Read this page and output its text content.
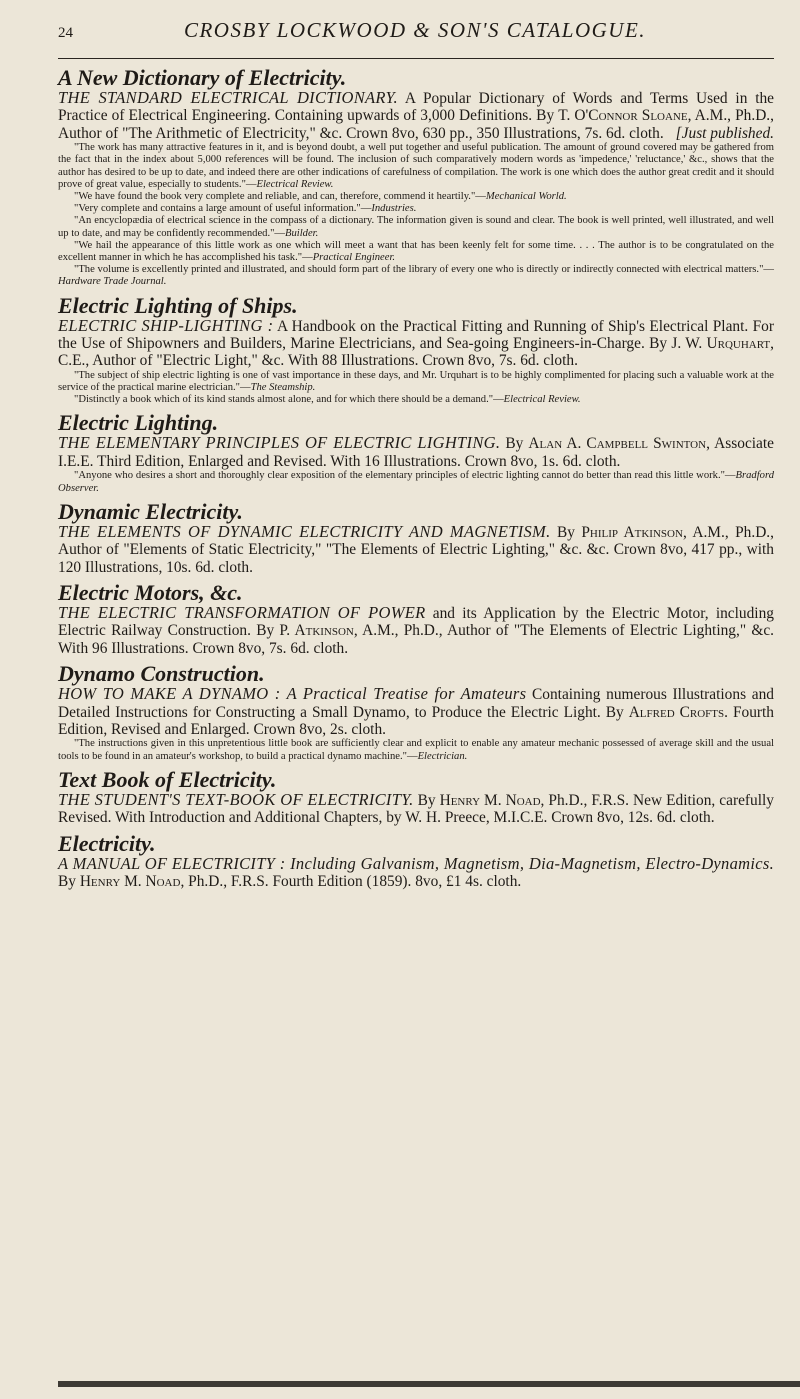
24	CROSBY LOCKWOOD & SON'S CATALOGUE.
A New Dictionary of Electricity.
THE STANDARD ELECTRICAL DICTIONARY. A Popular Dictionary of Words and Terms Used in the Practice of Electrical Engineering. Containing upwards of 3,000 Definitions. By T. O'Connor Sloane, A.M., Ph.D., Author of "The Arithmetic of Electricity," &c. Crown 8vo, 630 pp., 350 Illustrations, 7s. 6d. cloth. [Just published.
"The work has many attractive features in it, and is beyond doubt, a well put together and useful publication. The amount of ground covered may be gathered from the fact that in the index about 5,000 references will be found. The inclusion of such comparatively modern words as 'impedence,' 'reluctance,' &c., shows that the author has desired to be up to date, and indeed there are other indications of carefulness of compilation. The work is one which does the author great credit and it should prove of great value, especially to students."—Electrical Review.
"We have found the book very complete and reliable, and can, therefore, commend it heartily."—Mechanical World.
"Very complete and contains a large amount of useful information."—Industries.
"An encyclopædia of electrical science in the compass of a dictionary. The information given is sound and clear. The book is well printed, well illustrated, and well up to date, and may be confidently recommended."—Builder.
"We hail the appearance of this little work as one which will meet a want that has been keenly felt for some time. . . . The author is to be congratulated on the excellent manner in which he has accomplished his task."—Practical Engineer.
"The volume is excellently printed and illustrated, and should form part of the library of every one who is directly or indirectly connected with electrical matters."—Hardware Trade Journal.
Electric Lighting of Ships.
ELECTRIC SHIP-LIGHTING : A Handbook on the Practical Fitting and Running of Ship's Electrical Plant. For the Use of Shipowners and Builders, Marine Electricians, and Sea-going Engineers-in-Charge. By J. W. Urquhart, C.E., Author of "Electric Light," &c. With 88 Illustrations. Crown 8vo, 7s. 6d. cloth.
"The subject of ship electric lighting is one of vast importance in these days, and Mr. Urquhart is to be highly complimented for placing such a valuable work at the service of the practical marine electrician."—The Steamship.
"Distinctly a book which of its kind stands almost alone, and for which there should be a demand."—Electrical Review.
Electric Lighting.
THE ELEMENTARY PRINCIPLES OF ELECTRIC LIGHTING. By Alan A. Campbell Swinton, Associate I.E.E. Third Edition, Enlarged and Revised. With 16 Illustrations. Crown 8vo, 1s. 6d. cloth.
"Anyone who desires a short and thoroughly clear exposition of the elementary principles of electric lighting cannot do better than read this little work."—Bradford Observer.
Dynamic Electricity.
THE ELEMENTS OF DYNAMIC ELECTRICITY AND MAGNETISM. By Philip Atkinson, A.M., Ph.D., Author of "Elements of Static Electricity," "The Elements of Electric Lighting," &c. &c. Crown 8vo, 417 pp., with 120 Illustrations, 10s. 6d. cloth.
Electric Motors, &c.
THE ELECTRIC TRANSFORMATION OF POWER and its Application by the Electric Motor, including Electric Railway Construction. By P. Atkinson, A.M., Ph.D., Author of "The Elements of Electric Lighting," &c. With 96 Illustrations. Crown 8vo, 7s. 6d. cloth.
Dynamo Construction.
HOW TO MAKE A DYNAMO : A Practical Treatise for Amateurs Containing numerous Illustrations and Detailed Instructions for Constructing a Small Dynamo, to Produce the Electric Light. By Alfred Crofts. Fourth Edition, Revised and Enlarged. Crown 8vo, 2s. cloth.
"The instructions given in this unpretentious little book are sufficiently clear and explicit to enable any amateur mechanic possessed of average skill and the usual tools to be found in an amateur's workshop, to build a practical dynamo machine."—Electrician.
Text Book of Electricity.
THE STUDENT'S TEXT-BOOK OF ELECTRICITY. By Henry M. Noad, Ph.D., F.R.S. New Edition, carefully Revised. With Introduction and Additional Chapters, by W. H. Preece, M.I.C.E. Crown 8vo, 12s. 6d. cloth.
Electricity.
A MANUAL OF ELECTRICITY : Including Galvanism, Magnetism, Dia-Magnetism, Electro-Dynamics. By Henry M. Noad, Ph.D., F.R.S. Fourth Edition (1859). 8vo, £1 4s. cloth.
